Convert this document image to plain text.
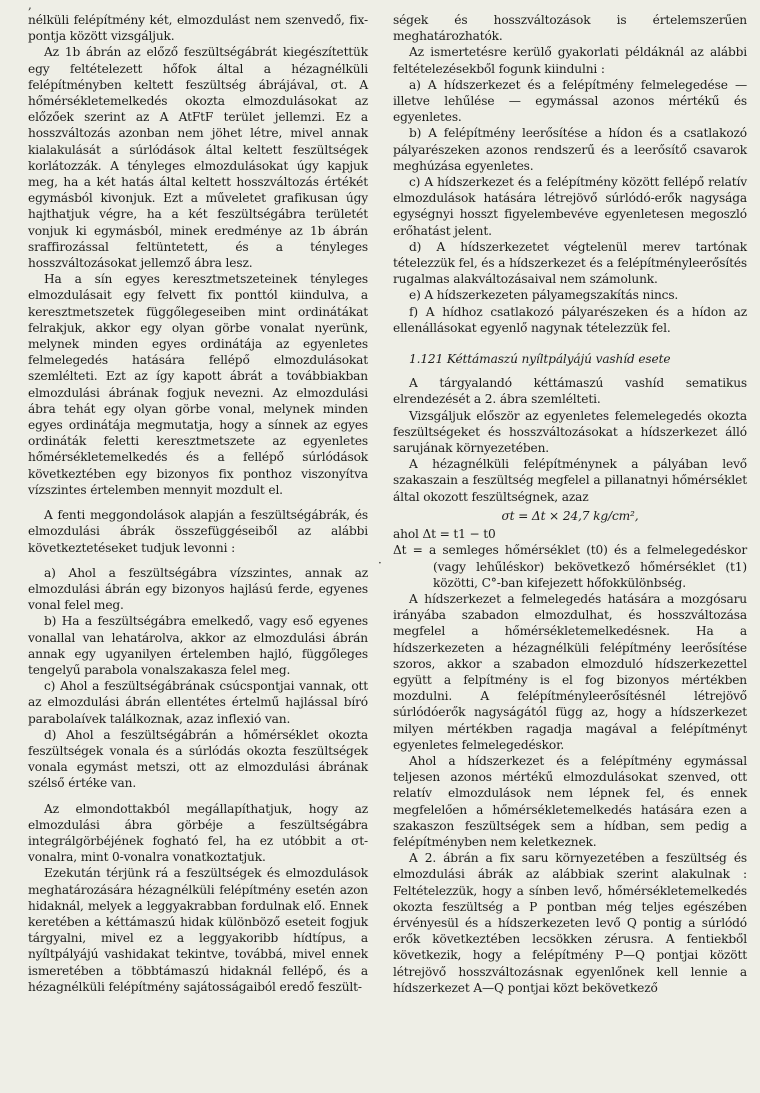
,
·

nélküli felépítmény két, elmozdulást nem szenvedő, fix-pontja között vizsgáljuk.

Az 1b ábrán az előző feszültségábrát kiegészítettük egy feltételezett hőfok által a hézagnélküli felépítményben keltett feszültség ábrájával, σt. A hőmérsékletemelkedés okozta elmozdulásokat az előzőek szerint az A AtFtF terület jellemzi. Ez a hosszváltozás azonban nem jöhet létre, mivel annak kialakulását a súrlódások által keltett feszültségek korlátozzák. A tényleges elmozdulásokat úgy kapjuk meg, ha a két hatás által keltett hosszváltozás értékét egymásból kivonjuk. Ezt a műveletet grafikusan úgy hajthatjuk végre, ha a két feszültségábra területét vonjuk ki egymásból, minek eredménye az 1b ábrán sraffirozással feltüntetett, és a tényleges hosszváltozásokat jellemző ábra lesz.

Ha a sín egyes keresztmetszeteinek tényleges elmozdulásait egy felvett fix ponttól kiindulva, a keresztmetszetek függőlegeseiben mint ordinátákat felrakjuk, akkor egy olyan görbe vonalat nyerünk, melynek minden egyes ordinátája az egyenletes felmelegedés hatására fellépő elmozdulásokat szemlélteti. Ezt az így kapott ábrát a továbbiakban elmozdulási ábrának fogjuk nevezni. Az elmozdulási ábra tehát egy olyan görbe vonal, melynek minden egyes ordinátája megmutatja, hogy a sínnek az egyes ordináták feletti keresztmetszete az egyenletes hőmérsékletemelkedés és a fellépő súrlódások következtében egy bizonyos fix ponthoz viszonyítva vízszintes értelemben mennyit mozdult el.

A fenti meggondolások alapján a feszültségábrák, és elmozdulási ábrák összefüggéseiből az alábbi következtetéseket tudjuk levonni :

a) Ahol a feszültségábra vízszintes, annak az elmozdulási ábrán egy bizonyos hajlású ferde, egyenes vonal felel meg.

b) Ha a feszültségábra emelkedő, vagy eső egyenes vonallal van lehatárolva, akkor az elmozdulási ábrán annak egy ugyanilyen értelemben hajló, függőleges tengelyű parabola vonalszakasza felel meg.

c) Ahol a feszültségábrának csúcspontjai vannak, ott az elmozdulási ábrán ellentétes értelmű hajlással bíró parabolaívek találkoznak, azaz inflexió van.

d) Ahol a feszültségábrán a hőmérséklet okozta feszültségek vonala és a súrlódás okozta feszültségek vonala egymást metszi, ott az elmozdulási ábrának szélső értéke van.

Az elmondottakból megállapíthatjuk, hogy az elmozdulási ábra görbéje a feszültségábra integrálgörbéjének fogható fel, ha ez utóbbit a σt-vonalra, mint 0-vonalra vonatkoztatjuk.

Ezekután térjünk rá a feszültségek és elmozdulások meghatározására hézagnélküli felépítmény esetén azon hidaknál, melyek a leggyakrabban fordulnak elő. Ennek keretében a kéttámaszú hidak különböző eseteit fogjuk tárgyalni, mivel ez a leggyakoribb hídtípus, a nyíltpályájú vashidakat tekintve, továbbá, mivel ennek ismeretében a többtámaszú hidaknál fellépő, és a hézagnélküli felépítmény sajátosságaiból eredő feszült-

ségek és hosszváltozások is értelemszerűen meghatározhatók.

Az ismertetésre kerülő gyakorlati példáknál az alábbi feltételezésekből fogunk kiindulni :

a) A hídszerkezet és a felépítmény felmelegedése — illetve lehűlése — egymással azonos mértékű és egyenletes.

b) A felépítmény leerősítése a hídon és a csatlakozó pályarészeken azonos rendszerű és a leerősítő csavarok meghúzása egyenletes.

c) A hídszerkezet és a felépítmény között fellépő relatív elmozdulások hatására létrejövő súrlódó-erők nagysága egységnyi hosszt figyelembevéve egyenletesen megoszló erőhatást jelent.

d) A hídszerkezetet végtelenül merev tartónak tételezzük fel, és a hídszerkezet és a felépítményleerősítés rugalmas alakváltozásaival nem számolunk.

e) A hídszerkezeten pályamegszakítás nincs.

f) A hídhoz csatlakozó pályarészeken és a hídon az ellenállásokat egyenlő nagynak tételezzük fel.

1.121 Kéttámaszú nyíltpályájú vashíd esete

A tárgyalandó kéttámaszú vashíd sematikus elrendezését a 2. ábra szemlélteti.

Vizsgáljuk először az egyenletes felemelegedés okozta feszültségeket és hosszváltozásokat a hídszerkezet álló sarujának környezetében.

A hézagnélküli felépítménynek a pályában levő szakaszain a feszültség megfelel a pillanatnyi hőmérséklet által okozott feszültségnek, azaz

σt = Δt × 24,7 kg/cm²,

ahol Δt = t1 − t0

Δt = a semleges hőmérséklet (t0) és a felmelegedéskor (vagy lehűléskor) bekövetkező hőmérséklet (t1) közötti, C°-ban kifejezett hőfokkülönbség.

A hídszerkezet a felmelegedés hatására a mozgósaru irányába szabadon elmozdulhat, és hosszváltozása megfelel a hőmérsékletemelkedésnek. Ha a hídszerkezeten a hézagnélküli felépítmény leerősítése szoros, akkor a szabadon elmozduló hídszerkezettel együtt a felpítmény is el fog bizonyos mértékben mozdulni. A felépítményleerősítésnél létrejövő súrlódóerők nagyságától függ az, hogy a hídszerkezet milyen mértékben ragadja magával a felépítményt egyenletes felmelegedéskor.

Ahol a hídszerkezet és a felépítmény egymással teljesen azonos mértékű elmozdulásokat szenved, ott relatív elmozdulások nem lépnek fel, és ennek megfelelően a hőmérsékletemelkedés hatására ezen a szakaszon feszültségek sem a hídban, sem pedig a felépítményben nem keletkeznek.

A 2. ábrán a fix saru környezetében a feszültség és elmozdulási ábrák az alábbiak szerint alakulnak : Feltételezzük, hogy a sínben levő, hőmérsékletemelkedés okozta feszültség a P pontban még teljes egészében érvényesül és a hídszerkezeten levő Q pontig a súrlódó erők következtében lecsökken zérusra. A fentiekből következik, hogy a felépítmény P—Q pontjai között létrejövő hosszváltozásnak egyenlőnek kell lennie a hídszerkezet A—Q pontjai közt bekövetkező
